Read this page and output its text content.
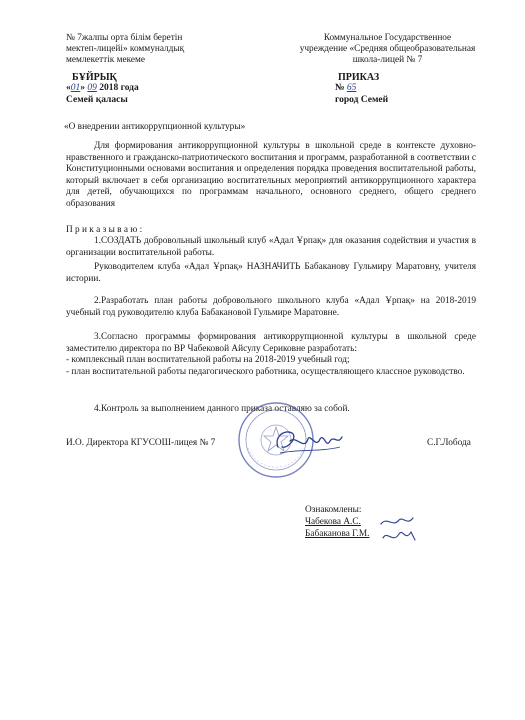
№ 7жалпы орта білім беретін
мектеп-лицейі» коммуналдық
мемлекеттік мекеме
Коммунальное Государственное
учреждение «Средняя общеобразовательная
школа-лицей № 7
БҰЙРЫҚ	ПРИКАЗ
«01» 09 2018 года	№ 65
Семей қаласы	город Семей
«О внедрении антикоррупционной культуры»
Для формирования антикоррупционной культуры в школьной среде в контексте духовно-нравственного и гражданско-патриотического воспитания и программ, разработанной в соответствии с Конституционными основами воспитания и определения порядка проведения воспитательной работы, который включает в себя организацию воспитательных мероприятий антикоррупционного характера для детей, обучающихся по программам начального, основного среднего, общего среднего образования
П р и к а з ы в а ю :
1.СОЗДАТЬ добровольный школьный клуб «Адал Ұрпақ» для оказания содействия и участия в организации воспитательной работы.
Руководителем клуба «Адал Ұрпақ» НАЗНАЧИТЬ Бабаканову Гульмиру Маратовну, учителя истории.
2.Разработать план работы добровольного школьного клуба «Адал Ұрпақ» на 2018-2019 учебный год руководителю клуба Бабакановой Гульмире Маратовне.
3.Согласно программы формирования антикоррупционной культуры в школьной среде заместителю директора по ВР Чабековой Айсулу Сериковне разработать:
- комплексный план воспитательной работы на 2018-2019 учебный год;
- план воспитательной работы педагогического работника, осуществляющего классное руководство.
4.Контроль за выполнением данного приказа оставляю за собой.
И.О. Директора КГУСОШ-лицея № 7	С.Г.Лобода
Ознакомлены:
Чабекова А.С.
Бабаканова Г.М.
